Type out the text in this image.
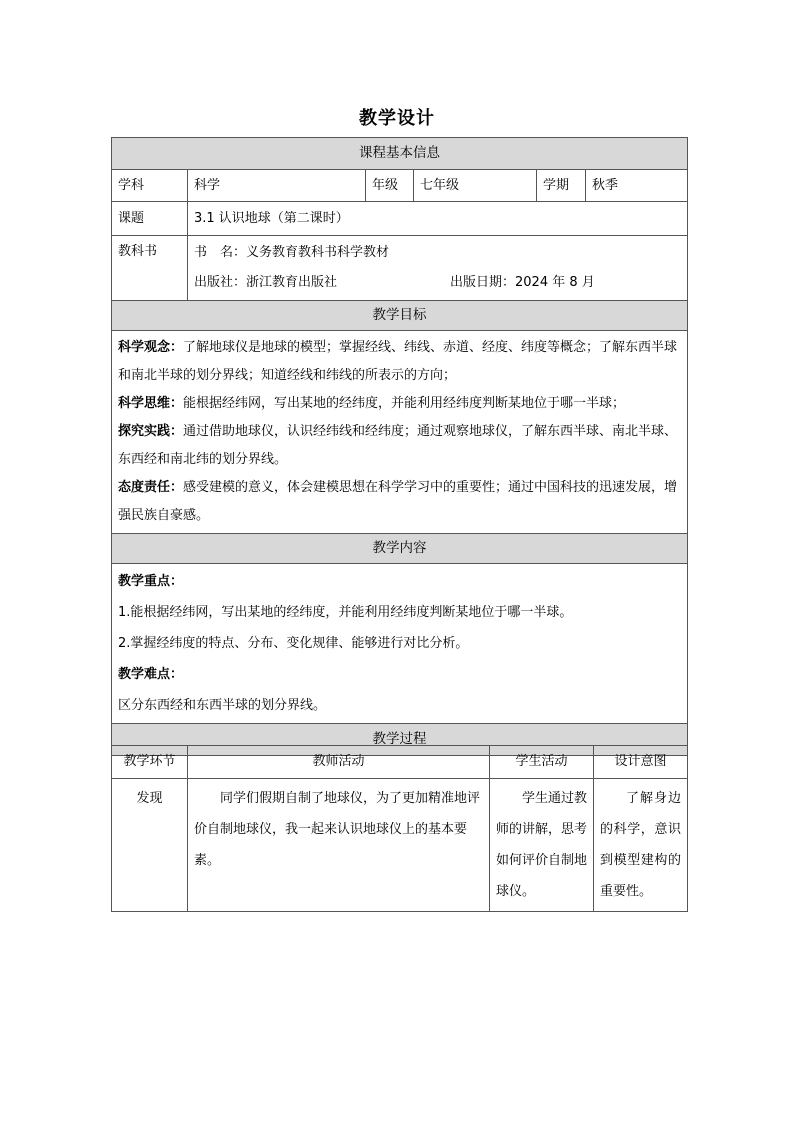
教学设计
课程基本信息					
学科	科学	年级	七年级	学期	秋季
课题	3.1 认识地球（第二课时）				
教科书	书　名：义务教育教科书科学教材
出版社：浙江教育出版社 出版日期：2024 年 8 月				

教学目标					

科学观念：了解地球仪是地球的模型；掌握经线、纬线、赤道、经度、纬度等概念；了解东西半球和南北半球的划分界线；知道经线和纬线的所表示的方向；

科学思维：能根据经纬网，写出某地的经纬度，并能利用经纬度判断某地位于哪一半球；

探究实践：通过借助地球仪，认识经纬线和经纬度；通过观察地球仪，了解东西半球、南北半球、东西经和南北纬的划分界线。

态度责任：感受建模的意义，体会建模思想在科学学习中的重要性；通过中国科技的迅速发展，增强民族自豪感。					

教学内容					

教学重点：

1.能根据经纬网，写出某地的经纬度，并能利用经纬度判断某地位于哪一半球。

2.掌握经纬度的特点、分布、变化规律、能够进行对比分析。

教学难点：

区分东西经和东西半球的划分界线。					

教学过程					
教学环节	教师活动	学生活动	设计意图
发现	同学们假期自制了地球仪，为了更加精准地评价自制地球仪，我一起来认识地球仪上的基本要素。	学生通过教师的讲解，思考如何评价自制地球仪。	了解身边的科学，意识到模型建构的重要性。
